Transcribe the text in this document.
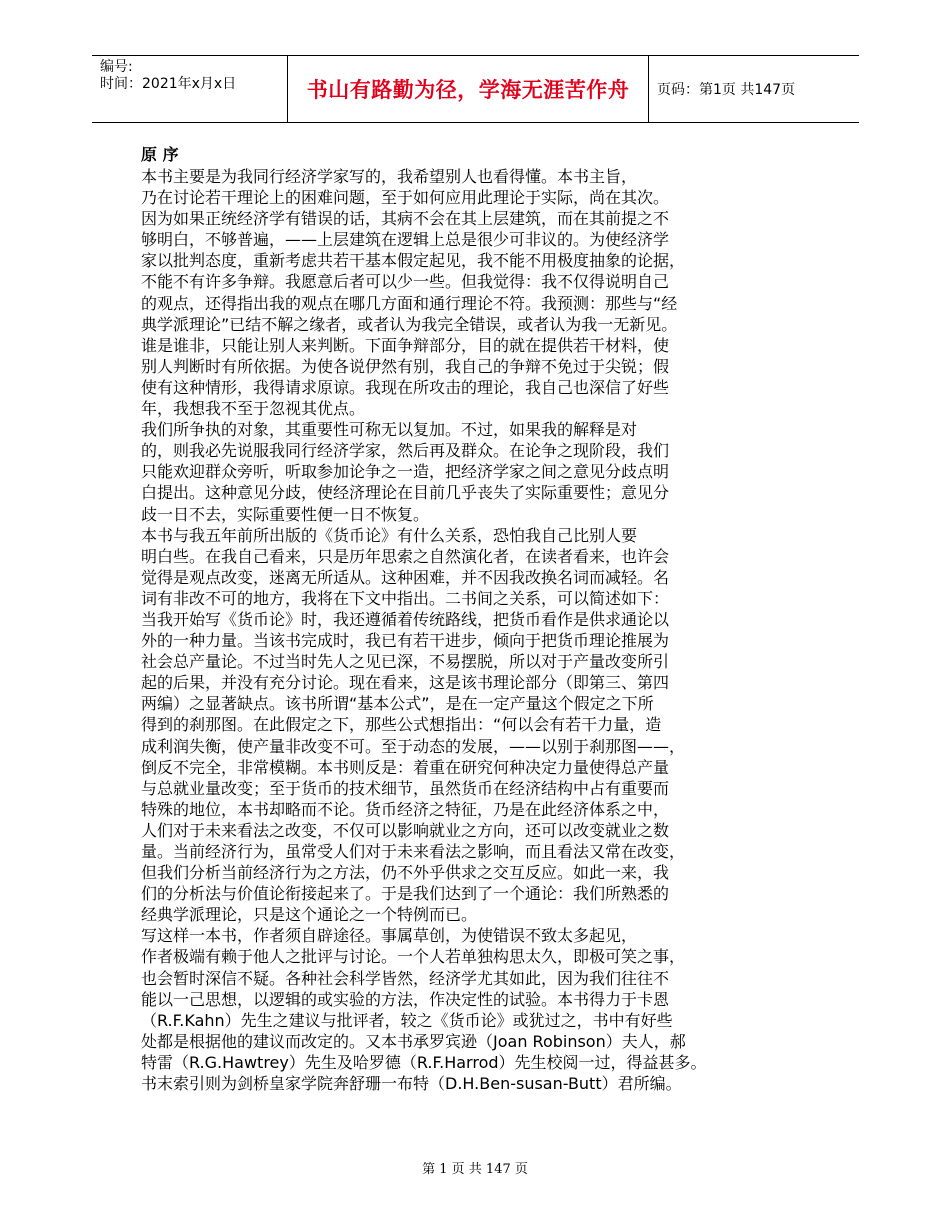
编号:
时间：2021年x月x日	书山有路勤为径，学海无涯苦作舟	页码：第1页 共147页
原 序
本书主要是为我同行经济学家写的，我希望别人也看得懂。本书主旨，
乃在讨论若干理论上的困难问题，至于如何应用此理论于实际，尚在其次。
因为如果正统经济学有错误的话，其病不会在其上层建筑，而在其前提之不
够明白，不够普遍，——上层建筑在逻辑上总是很少可非议的。为使经济学
家以批判态度，重新考虑共若干基本假定起见，我不能不用极度抽象的论据，
不能不有许多争辩。我愿意后者可以少一些。但我觉得：我不仅得说明自己
的观点，还得指出我的观点在哪几方面和通行理论不符。我预测：那些与“经
典学派理论”已结不解之缘者，或者认为我完全错误，或者认为我一无新见。
谁是谁非，只能让别人来判断。下面争辩部分，目的就在提供若干材料，使
别人判断时有所依据。为使各说伊然有别，我自己的争辩不免过于尖锐；假
使有这种情形，我得请求原谅。我现在所攻击的理论，我自己也深信了好些
年，我想我不至于忽视其优点。
我们所争执的对象，其重要性可称无以复加。不过，如果我的解释是对
的，则我必先说服我同行经济学家，然后再及群众。在论争之现阶段，我们
只能欢迎群众旁听，听取参加论争之一造，把经济学家之间之意见分歧点明
白提出。这种意见分歧，使经济理论在目前几乎丧失了实际重要性；意见分
歧一日不去，实际重要性便一日不恢复。
本书与我五年前所出版的《货币论》有什么关系，恐怕我自己比别人要
明白些。在我自己看来，只是历年思索之自然演化者，在读者看来，也许会
觉得是观点改变，迷离无所适从。这种困难，并不因我改换名词而减轻。名
词有非改不可的地方，我将在下文中指出。二书间之关系，可以简述如下：
当我开始写《货币论》时，我还遵循着传统路线，把货币看作是供求通论以
外的一种力量。当该书完成时，我已有若干进步，倾向于把货币理论推展为
社会总产量论。不过当时先人之见已深，不易摆脱，所以对于产量改变所引
起的后果，并没有充分讨论。现在看来，这是该书理论部分（即第三、第四
两编）之显著缺点。该书所谓“基本公式”，是在一定产量这个假定之下所
得到的刹那图。在此假定之下，那些公式想指出：“何以会有若干力量，造
成利润失衡，使产量非改变不可。至于动态的发展，——以别于刹那图——，
倒反不完全，非常模糊。本书则反是：着重在研究何种决定力量使得总产量
与总就业量改变；至于货币的技术细节，虽然货币在经济结构中占有重要而
特殊的地位，本书却略而不论。货币经济之特征，乃是在此经济体系之中，
人们对于未来看法之改变，不仅可以影响就业之方向，还可以改变就业之数
量。当前经济行为，虽常受人们对于未来看法之影响，而且看法又常在改变，
但我们分析当前经济行为之方法，仍不外乎供求之交互反应。如此一来，我
们的分析法与价值论衔接起来了。于是我们达到了一个通论：我们所熟悉的
经典学派理论，只是这个通论之一个特例而已。
写这样一本书，作者须自辟途径。事属草创，为使错误不致太多起见，
作者极端有赖于他人之批评与讨论。一个人若单独构思太久，即极可笑之事，
也会暂时深信不疑。各种社会科学皆然，经济学尤其如此，因为我们往往不
能以一己思想，以逻辑的或实验的方法，作决定性的试验。本书得力于卡恩
（R.F.Kahn）先生之建议与批评者，较之《货币论》或犹过之，书中有好些
处都是根据他的建议而改定的。又本书承罗宾逊（Joan Robinson）夫人，郝
特雷（R.G.Hawtrey）先生及哈罗德（R.F.Harrod）先生校阅一过，得益甚多。
书末索引则为剑桥皇家学院奔舒珊一布特（D.H.Ben-susan-Butt）君所编。
第 1 页 共 147 页
